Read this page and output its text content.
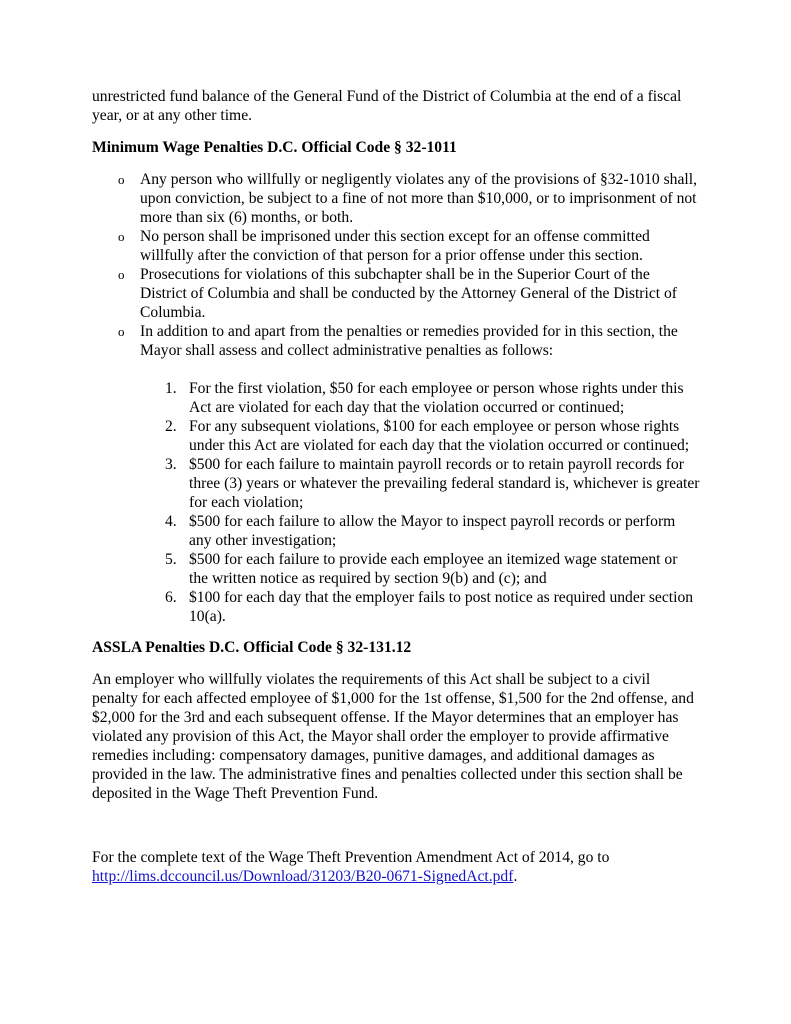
unrestricted fund balance of the General Fund of the District of Columbia at the end of a fiscal year, or at any other time.

Minimum Wage Penalties D.C. Official Code § 32-1011

o Any person who willfully or negligently violates any of the provisions of §32-1010 shall, upon conviction, be subject to a fine of not more than $10,000, or to imprisonment of not more than six (6) months, or both.
o No person shall be imprisoned under this section except for an offense committed willfully after the conviction of that person for a prior offense under this section.
o Prosecutions for violations of this subchapter shall be in the Superior Court of the District of Columbia and shall be conducted by the Attorney General of the District of Columbia.
o In addition to and apart from the penalties or remedies provided for in this section, the Mayor shall assess and collect administrative penalties as follows:
1. For the first violation, $50 for each employee or person whose rights under this Act are violated for each day that the violation occurred or continued;
2. For any subsequent violations, $100 for each employee or person whose rights under this Act are violated for each day that the violation occurred or continued;
3. $500 for each failure to maintain payroll records or to retain payroll records for three (3) years or whatever the prevailing federal standard is, whichever is greater for each violation;
4. $500 for each failure to allow the Mayor to inspect payroll records or perform any other investigation;
5. $500 for each failure to provide each employee an itemized wage statement or the written notice as required by section 9(b) and (c); and
6. $100 for each day that the employer fails to post notice as required under section 10(a).

ASSLA Penalties D.C. Official Code § 32-131.12

An employer who willfully violates the requirements of this Act shall be subject to a civil penalty for each affected employee of $1,000 for the 1st offense, $1,500 for the 2nd offense, and $2,000 for the 3rd and each subsequent offense. If the Mayor determines that an employer has violated any provision of this Act, the Mayor shall order the employer to provide affirmative remedies including: compensatory damages, punitive damages, and additional damages as provided in the law. The administrative fines and penalties collected under this section shall be deposited in the Wage Theft Prevention Fund.

For the complete text of the Wage Theft Prevention Amendment Act of 2014, go to
http://lims.dccouncil.us/Download/31203/B20-0671-SignedAct.pdf.
